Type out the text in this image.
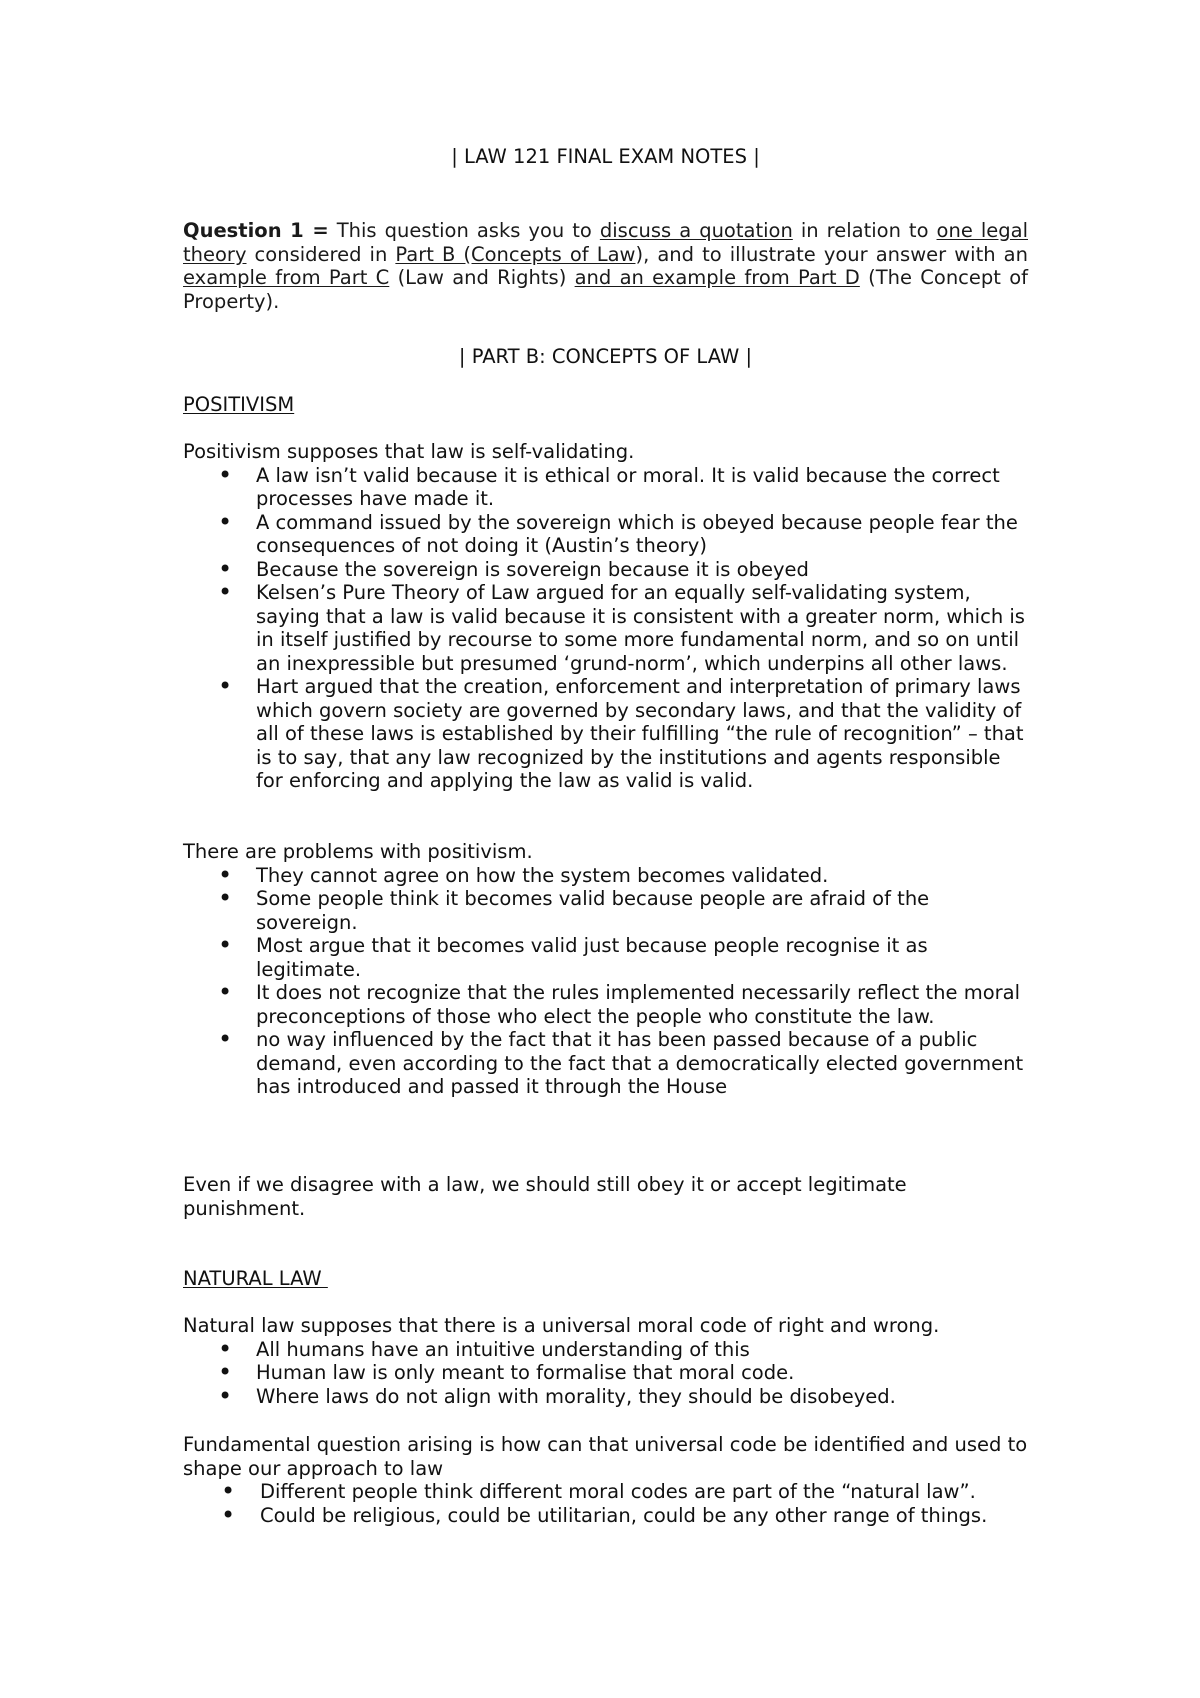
| LAW 121 FINAL EXAM NOTES |

Question 1 = This question asks you to discuss a quotation in relation to one legal theory considered in Part B (Concepts of Law), and to illustrate your answer with an example from Part C (Law and Rights) and an example from Part D (The Concept of Property).

| PART B: CONCEPTS OF LAW |
POSITIVISM
Positivism supposes that law is self-validating.
• A law isn’t valid because it is ethical or moral. It is valid because the correct processes have made it.
• A command issued by the sovereign which is obeyed because people fear the consequences of not doing it (Austin’s theory)
• Because the sovereign is sovereign because it is obeyed
• Kelsen’s Pure Theory of Law argued for an equally self-validating system, saying that a law is valid because it is consistent with a greater norm, which is in itself justified by recourse to some more fundamental norm, and so on until an inexpressible but presumed ‘grund-norm’, which underpins all other laws.
• Hart argued that the creation, enforcement and interpretation of primary laws which govern society are governed by secondary laws, and that the validity of all of these laws is established by their fulfilling “the rule of recognition” – that is to say, that any law recognized by the institutions and agents responsible for enforcing and applying the law as valid is valid.
There are problems with positivism.
• They cannot agree on how the system becomes validated.
• Some people think it becomes valid because people are afraid of the sovereign.
• Most argue that it becomes valid just because people recognise it as legitimate.
• It does not recognize that the rules implemented necessarily reflect the moral preconceptions of those who elect the people who constitute the law.
• no way influenced by the fact that it has been passed because of a public demand, even according to the fact that a democratically elected government has introduced and passed it through the House
Even if we disagree with a law, we should still obey it or accept legitimate punishment.
NATURAL LAW
Natural law supposes that there is a universal moral code of right and wrong.
• All humans have an intuitive understanding of this
• Human law is only meant to formalise that moral code.
• Where laws do not align with morality, they should be disobeyed.
Fundamental question arising is how can that universal code be identified and used to shape our approach to law
• Different people think different moral codes are part of the “natural law”.
• Could be religious, could be utilitarian, could be any other range of things.
